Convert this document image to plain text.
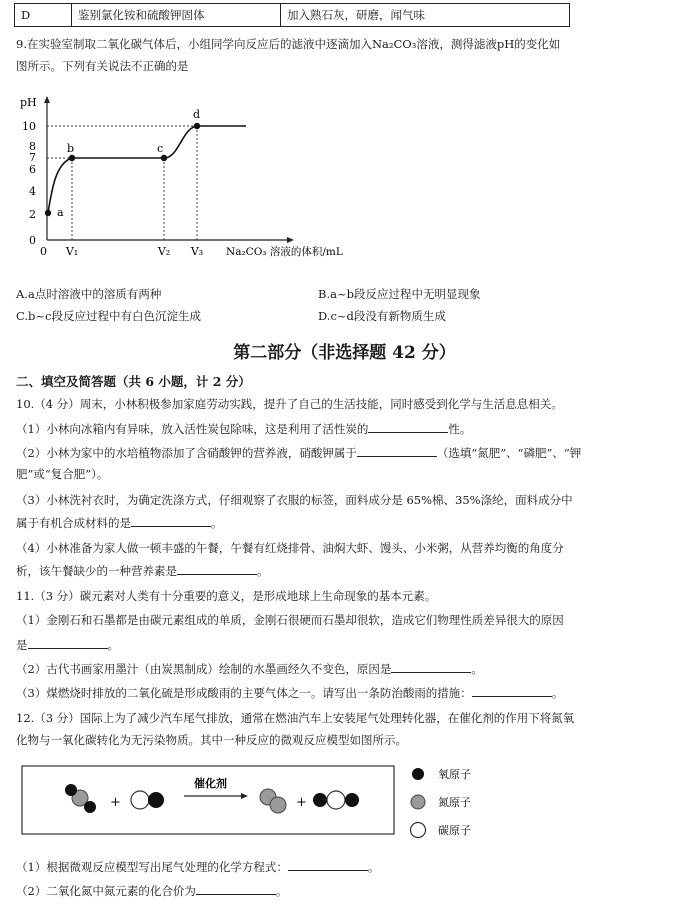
D	鉴别氯化铵和硫酸钾固体	加入熟石灰，研磨，闻气味
9.在实验室制取二氧化碳气体后，小组同学向反应后的滤液中逐滴加入Na₂CO₃溶液，测得滤液pH的变化如
图所示。下列有关说法不正确的是
pH
0
2
4
6
7
8
10
a
b	c
d
0 V₁	V₂ V₃ Na₂CO₃ 溶液的体积/mL
A.a点时溶液中的溶质有两种	B.a~b段反应过程中无明显现象
C.b~c段反应过程中有白色沉淀生成	D.c~d段没有新物质生成
第二部分（非选择题 42 分）
二、填空及简答题（共 6 小题，计 2 分）
10.（4 分）周末，小林积极参加家庭劳动实践，提升了自己的生活技能，同时感受到化学与生活息息相关。
（1）小林向冰箱内有异味，放入活性炭包除味，这是利用了活性炭的	性。
（2）小林为家中的水培植物添加了含硝酸钾的营养液，硝酸钾属于	（选填“氮肥”、“磷肥”、“钾
肥”或“复合肥”）。
（3）小林洗衬衣时，为确定洗涤方式，仔细观察了衣服的标签，面料成分是 65%棉、35%涤纶，面料成分中
属于有机合成材料的是	。
（4）小林准备为家人做一顿丰盛的午餐，午餐有红烧排骨、油焖大虾、馒头、小米粥，从营养均衡的角度分
析，该午餐缺少的一种营养素是	。
11.（3 分）碳元素对人类有十分重要的意义，是形成地球上生命现象的基本元素。
（1）金刚石和石墨都是由碳元素组成的单质，金刚石很硬而石墨却很软，造成它们物理性质差异很大的原因
是	。
（2）古代书画家用墨汁（由炭黑制成）绘制的水墨画经久不变色，原因是	。
（3）煤燃烧时排放的二氧化硫是形成酸雨的主要气体之一。请写出一条防治酸雨的措施：	。
12.（3 分）国际上为了减少汽车尾气排放，通常在燃油汽车上安装尾气处理转化器，在催化剂的作用下将氮氧
化物与一氧化碳转化为无污染物质。其中一种反应的微观反应模型如图所示。
+
催化剂
+
氧原子
氮原子
碳原子
（1）根据微观反应模型写出尾气处理的化学方程式：	。
（2）二氧化氮中氮元素的化合价为	。
